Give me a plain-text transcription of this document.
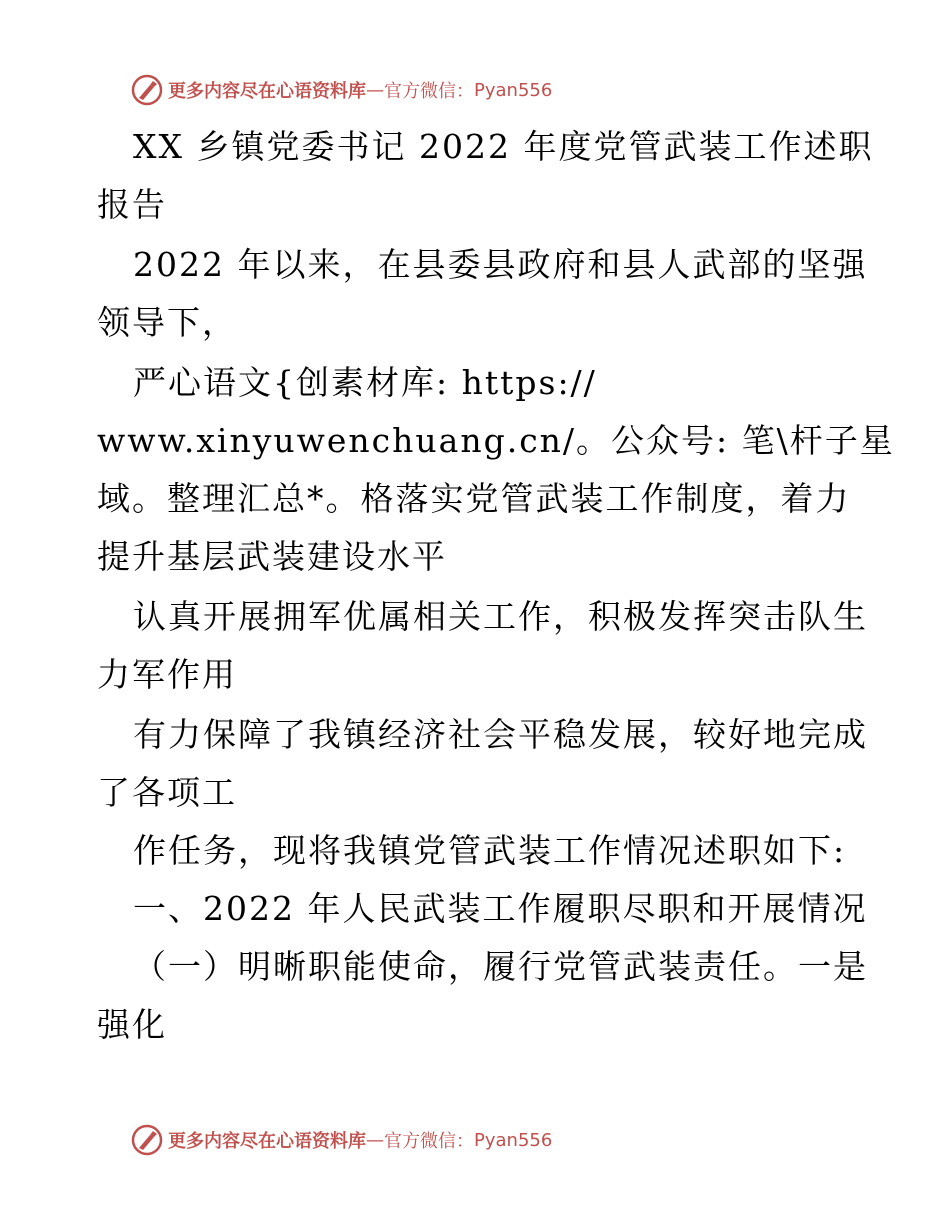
更多内容尽在心语资料库 — 官方微信： Pyan556
XX 乡镇党委书记 2022 年度党管武装工作述职
报告
2022 年以来，在县委县政府和县人武部的坚强
领导下，
严心语文{创素材库: https://
www.xinyuwenchuang.cn/。公众号: 笔\杆子星
域。整理汇总*。格落实党管武装工作制度，着力
提升基层武装建设水平
认真开展拥军优属相关工作，积极发挥突击队生
力军作用
有力保障了我镇经济社会平稳发展，较好地完成
了各项工
作任务，现将我镇党管武装工作情况述职如下:
一、2022 年人民武装工作履职尽职和开展情况
（一）明晰职能使命，履行党管武装责任。一是
强化
更多内容尽在心语资料库 — 官方微信： Pyan556
